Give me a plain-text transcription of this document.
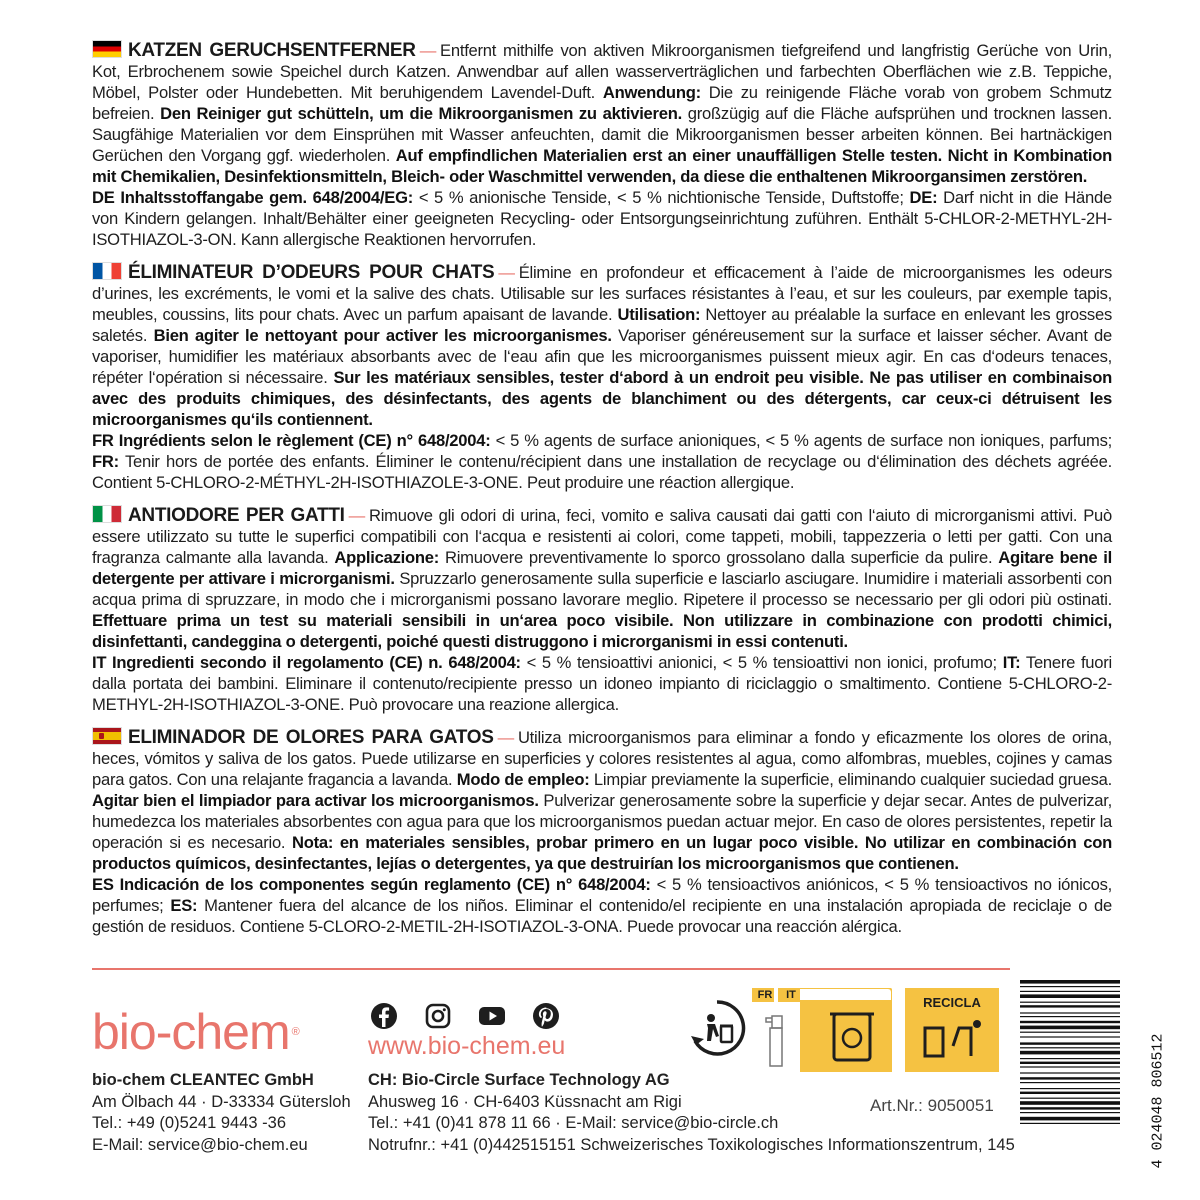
KATZEN GERUCHSENTFERNER — Entfernt mithilfe von aktiven Mikroorganismen tiefgreifend und langfristig Gerüche von Urin, Kot, Erbrochenem sowie Speichel durch Katzen. Anwendbar auf allen wasserverträglichen und farbechten Oberflächen wie z.B. Teppiche, Möbel, Polster oder Hundebetten. Mit beruhigendem Lavendel-Duft. Anwendung: Die zu reinigende Fläche vorab von grobem Schmutz befreien. Den Reiniger gut schütteln, um die Mikroorganismen zu aktivieren. großzügig auf die Fläche aufsprühen und trocknen lassen. Saugfähige Materialien vor dem Einsprühen mit Wasser anfeuchten, damit die Mikroorganismen besser arbeiten können. Bei hartnäckigen Gerüchen den Vorgang ggf. wiederholen. Auf empfindlichen Materialien erst an einer unauffälligen Stelle testen. Nicht in Kombination mit Chemikalien, Desinfektionsmitteln, Bleich- oder Waschmittel verwenden, da diese die enthaltenen Mikroorgansimen zerstören.
DE Inhaltsstoffangabe gem. 648/2004/EG: < 5 % anionische Tenside, < 5 % nichtionische Tenside, Duftstoffe; DE: Darf nicht in die Hände von Kindern gelangen. Inhalt/Behälter einer geeigneten Recycling- oder Entsorgungseinrichtung zuführen. Enthält 5-CHLOR-2-METHYL-2H-ISOTHIAZOL-3-ON. Kann allergische Reaktionen hervorrufen.

ÉLIMINATEUR D’ODEURS POUR CHATS — Élimine en profondeur et efficacement à l’aide de microorganismes les odeurs d’urines, les excréments, le vomi et la salive des chats. Utilisable sur les surfaces résistantes à l’eau, et sur les couleurs, par exemple tapis, meubles, coussins, lits pour chats. Avec un parfum apaisant de lavande. Utilisation: Nettoyer au préalable la surface en enlevant les grosses saletés. Bien agiter le nettoyant pour activer les microorganismes. Vaporiser généreusement sur la surface et laisser sécher. Avant de vaporiser, humidifier les matériaux absorbants avec de l‘eau afin que les microorganismes puissent mieux agir. En cas d‘odeurs tenaces, répéter l‘opération si nécessaire. Sur les matériaux sensibles, tester d‘abord à un endroit peu visible. Ne pas utiliser en combinaison avec des produits chimiques, des désinfectants, des agents de blanchiment ou des détergents, car ceux-ci détruisent les microorganismes qu‘ils contiennent.
FR Ingrédients selon le règlement (CE) n° 648/2004: < 5 % agents de surface anioniques, < 5 % agents de surface non ioniques, parfums; FR: Tenir hors de portée des enfants. Éliminer le contenu/récipient dans une installation de recyclage ou d‘élimination des déchets agréée. Contient 5-CHLORO-2-MÉTHYL-2H-ISOTHIAZOLE-3-ONE. Peut produire une réaction allergique.

ANTIODORE PER GATTI — Rimuove gli odori di urina, feci, vomito e saliva causati dai gatti con l‘aiuto di microrganismi attivi. Può essere utilizzato su tutte le superfici compatibili con l‘acqua e resistenti ai colori, come tappeti, mobili, tappezzeria o letti per gatti. Con una fragranza calmante alla lavanda. Applicazione: Rimuovere preventivamente lo sporco grossolano dalla superficie da pulire. Agitare bene il detergente per attivare i microrganismi. Spruzzarlo generosamente sulla superficie e lasciarlo asciugare. Inumidire i materiali assorbenti con acqua prima di spruzzare, in modo che i microrganismi possano lavorare meglio. Ripetere il processo se necessario per gli odori più ostinati. Effettuare prima un test su materiali sensibili in un‘area poco visibile. Non utilizzare in combinazione con prodotti chimici, disinfettanti, candeggina o detergenti, poiché questi distruggono i microrganismi in essi contenuti.
IT Ingredienti secondo il regolamento (CE) n. 648/2004: < 5 % tensioattivi anionici, < 5 % tensioattivi non ionici, profumo; IT: Tenere fuori dalla portata dei bambini. Eliminare il contenuto/recipiente presso un idoneo impianto di riciclaggio o smaltimento. Contiene 5-CHLORO-2-METHYL-2H-ISOTHIAZOL-3-ONE. Può provocare una reazione allergica.

ELIMINADOR DE OLORES PARA GATOS — Utiliza microorganismos para eliminar a fondo y eficazmente los olores de orina, heces, vómitos y saliva de los gatos. Puede utilizarse en superficies y colores resistentes al agua, como alfombras, muebles, cojines y camas para gatos. Con una relajante fragancia a lavanda. Modo de empleo: Limpiar previamente la superficie, eliminando cualquier suciedad gruesa. Agitar bien el limpiador para activar los microorganismos. Pulverizar generosamente sobre la superficie y dejar secar. Antes de pulverizar, humedezca los materiales absorbentes con agua para que los microorganismos puedan actuar mejor. En caso de olores persistentes, repetir la operación si es necesario. Nota: en materiales sensibles, probar primero en un lugar poco visible. No utilizar en combinación con productos químicos, desinfectantes, lejías o detergentes, ya que destruirían los microorganismos que contienen.
ES Indicación de los componentes según reglamento (CE) n° 648/2004: < 5 % tensioactivos aniónicos, < 5 % tensioactivos no iónicos, perfumes; ES: Mantener fuera del alcance de los niños. Eliminar el contenido/el recipiente en una instalación apropiada de reciclaje o de gestión de residuos. Contiene 5-CLORO-2-METIL-2H-ISOTIAZOL-3-ONA. Puede provocar una reacción alérgica.

bio-chem ®
bio-chem CLEANTEC GmbH
Am Ölbach 44 · D-33334 Gütersloh
Tel.: +49 (0)5241 9443 -36
E-Mail: service@bio-chem.eu
www.bio-chem.eu
CH: Bio-Circle Surface Technology AG
Ahusweg 16 · CH-6403 Küssnacht am Rigi
Tel.: +41 (0)41 878 11 66 · E-Mail: service@bio-circle.ch
Notrufnr.: +41 (0)442515151 Schweizerisches Toxikologisches Informationszentrum, 145
Art.Nr.: 9050051
FR	IT	RECICLA
4 024048 806512
